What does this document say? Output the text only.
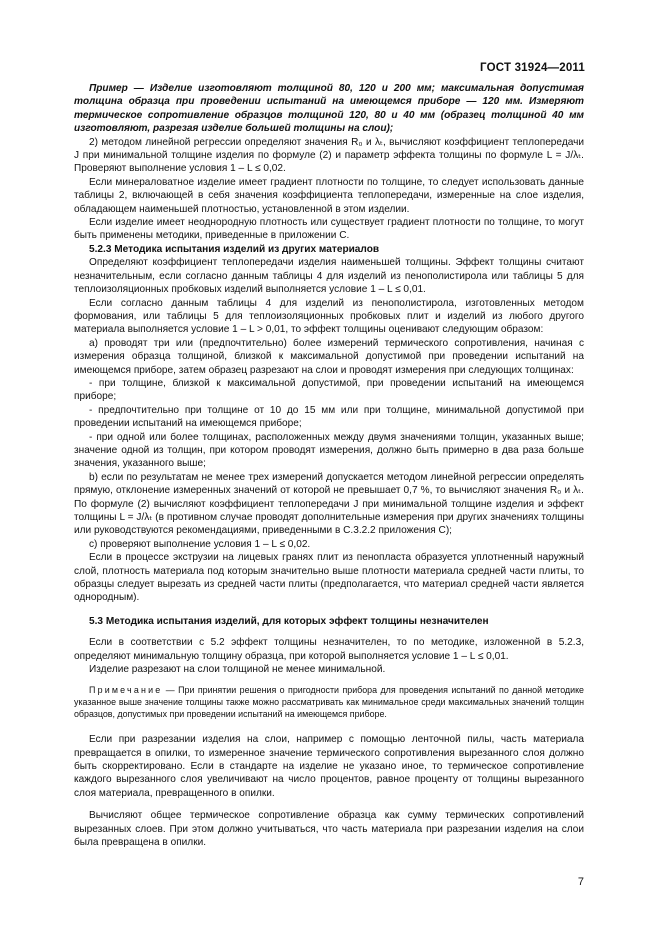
ГОСТ 31924—2011

Пример — Изделие изготовляют толщиной 80, 120 и 200 мм; максимальная допустимая толщина образца при проведении испытаний на имеющемся приборе — 120 мм. Измеряют термическое сопротивление образцов толщиной 120, 80 и 40 мм (образец толщиной 40 мм изготовляют, разрезая изделие большей толщины на слои);

2) методом линейной регрессии определяют значения R₀ и λₜ, вычисляют коэффициент теплопередачи J при минимальной толщине изделия по формуле (2) и параметр эффекта толщины по формуле L = J/λₜ. Проверяют выполнение условия 1 – L ≤ 0,02.

Если минераловатное изделие имеет градиент плотности по толщине, то следует использовать данные таблицы 2, включающей в себя значения коэффициента теплопередачи, измеренные на слое изделия, обладающем наименьшей плотностью, установленной в этом изделии.

Если изделие имеет неоднородную плотность или существует градиент плотности по толщине, то могут быть применены методики, приведенные в приложении С.

5.2.3 Методика испытания изделий из других материалов

Определяют коэффициент теплопередачи изделия наименьшей толщины. Эффект толщины считают незначительным, если согласно данным таблицы 4 для изделий из пенополистирола или таблицы 5 для теплоизоляционных пробковых изделий выполняется условие 1 – L ≤ 0,01.

Если согласно данным таблицы 4 для изделий из пенополистирола, изготовленных методом формования, или таблицы 5 для теплоизоляционных пробковых плит и изделий из любого другого материала выполняется условие 1 – L > 0,01, то эффект толщины оценивают следующим образом:

а) проводят три или (предпочтительно) более измерений термического сопротивления, начиная с измерения образца толщиной, близкой к максимальной допустимой при проведении испытаний на имеющемся приборе, затем образец разрезают на слои и проводят измерения при следующих толщинах:

- при толщине, близкой к максимальной допустимой, при проведении испытаний на имеющемся приборе;

- предпочтительно при толщине от 10 до 15 мм или при толщине, минимальной допустимой при проведении испытаний на имеющемся приборе;

- при одной или более толщинах, расположенных между двумя значениями толщин, указанных выше; значение одной из толщин, при котором проводят измерения, должно быть примерно в два раза больше значения, указанного выше;

b) если по результатам не менее трех измерений допускается методом линейной регрессии определять прямую, отклонение измеренных значений от которой не превышает 0,7 %, то вычисляют значения R₀ и λₜ. По формуле (2) вычисляют коэффициент теплопередачи J при минимальной толщине изделия и эффект толщины L = J/λₜ (в противном случае проводят дополнительные измерения при других значениях толщины или руководствуются рекомендациями, приведенными в С.3.2.2 приложения С);

с) проверяют выполнение условия 1 – L ≤ 0,02.

Если в процессе экструзии на лицевых гранях плит из пенопласта образуется уплотненный наружный слой, плотность материала под которым значительно выше плотности материала средней части плиты, то образцы следует вырезать из средней части плиты (предполагается, что материал средней части является однородным).

5.3 Методика испытания изделий, для которых эффект толщины незначителен

Если в соответствии с 5.2 эффект толщины незначителен, то по методике, изложенной в 5.2.3, определяют минимальную толщину образца, при которой выполняется условие 1 – L ≤ 0,01.

Изделие разрезают на слои толщиной не менее минимальной.

Примечание — При принятии решения о пригодности прибора для проведения испытаний по данной методике указанное выше значение толщины также можно рассматривать как минимальное среди максимальных значений толщин образцов, допустимых при проведении испытаний на имеющемся приборе.

Если при разрезании изделия на слои, например с помощью ленточной пилы, часть материала превращается в опилки, то измеренное значение термического сопротивления вырезанного слоя должно быть скорректировано. Если в стандарте на изделие не указано иное, то термическое сопротивление каждого вырезанного слоя увеличивают на число процентов, равное проценту от толщины вырезанного слоя материала, превращенного в опилки.

Вычисляют общее термическое сопротивление образца как сумму термических сопротивлений вырезанных слоев. При этом должно учитываться, что часть материала при разрезании изделия на слои была превращена в опилки.

7
